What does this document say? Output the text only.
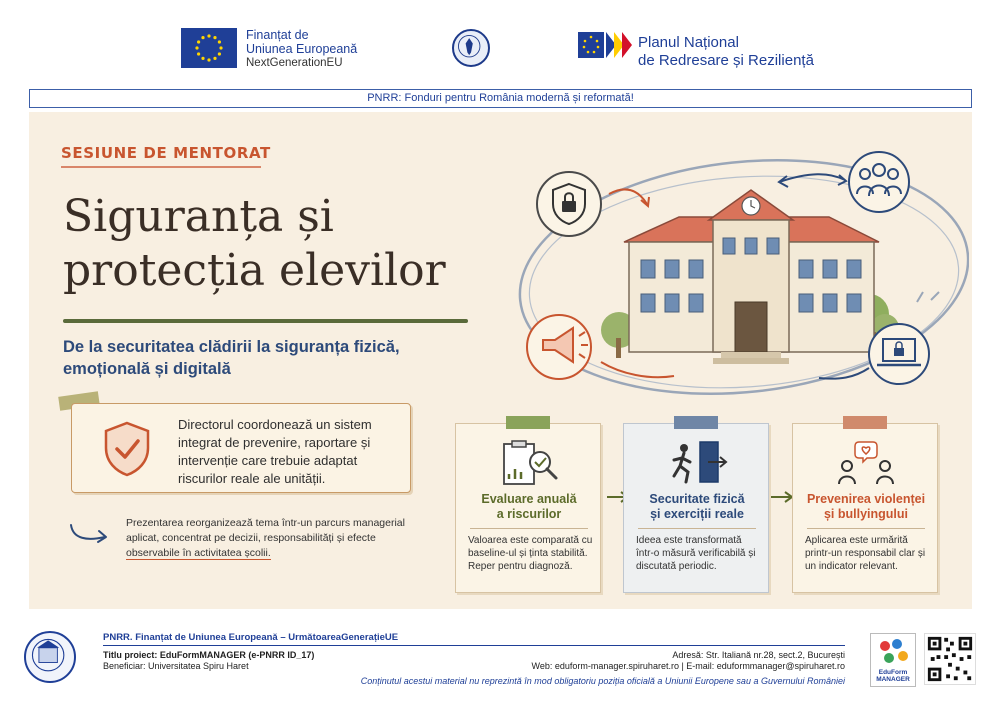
Finanțat de
Uniunea Europeană
NextGenerationEU
Planul Național
de Redresare și Reziliență
PNRR: Fonduri pentru România modernă și reformată!
SESIUNE DE MENTORAT
Siguranța și
protecția elevilor
De la securitatea clădirii la siguranța fizică, emoțională și digitală
Directorul coordonează un sistem integrat de prevenire, raportare și intervenție care trebuie adaptat riscurilor reale ale unității.
Prezentarea reorganizează tema într-un parcurs managerial aplicat, concentrat pe decizii, responsabilități și efecte observabile în activitatea școlii.
Evaluare anuală
a riscurilor
Valoarea este comparată cu baseline-ul și ținta stabilită. Reper pentru diagnoză.
Securitate fizică
și exerciții reale
Ideea este transformată într-o măsură verificabilă și discutată periodic.
Prevenirea violenței
și bullyingului
Aplicarea este urmărită printr-un responsabil clar și un indicator relevant.
PNRR. Finanțat de Uniunea Europeană – UrmătoareaGenerațieUE
Titlu proiect: EduFormMANAGER (e-PNRR ID_17)
Beneficiar: Universitatea Spiru Haret
Adresă: Str. Italiană nr.28, sect.2, București
Web: eduform-manager.spiruharet.ro | E-mail: eduformmanager@spiruharet.ro
Conținutul acestui material nu reprezintă în mod obligatoriu poziția oficială a Uniunii Europene sau a Guvernului României
EduForm
MANAGER
